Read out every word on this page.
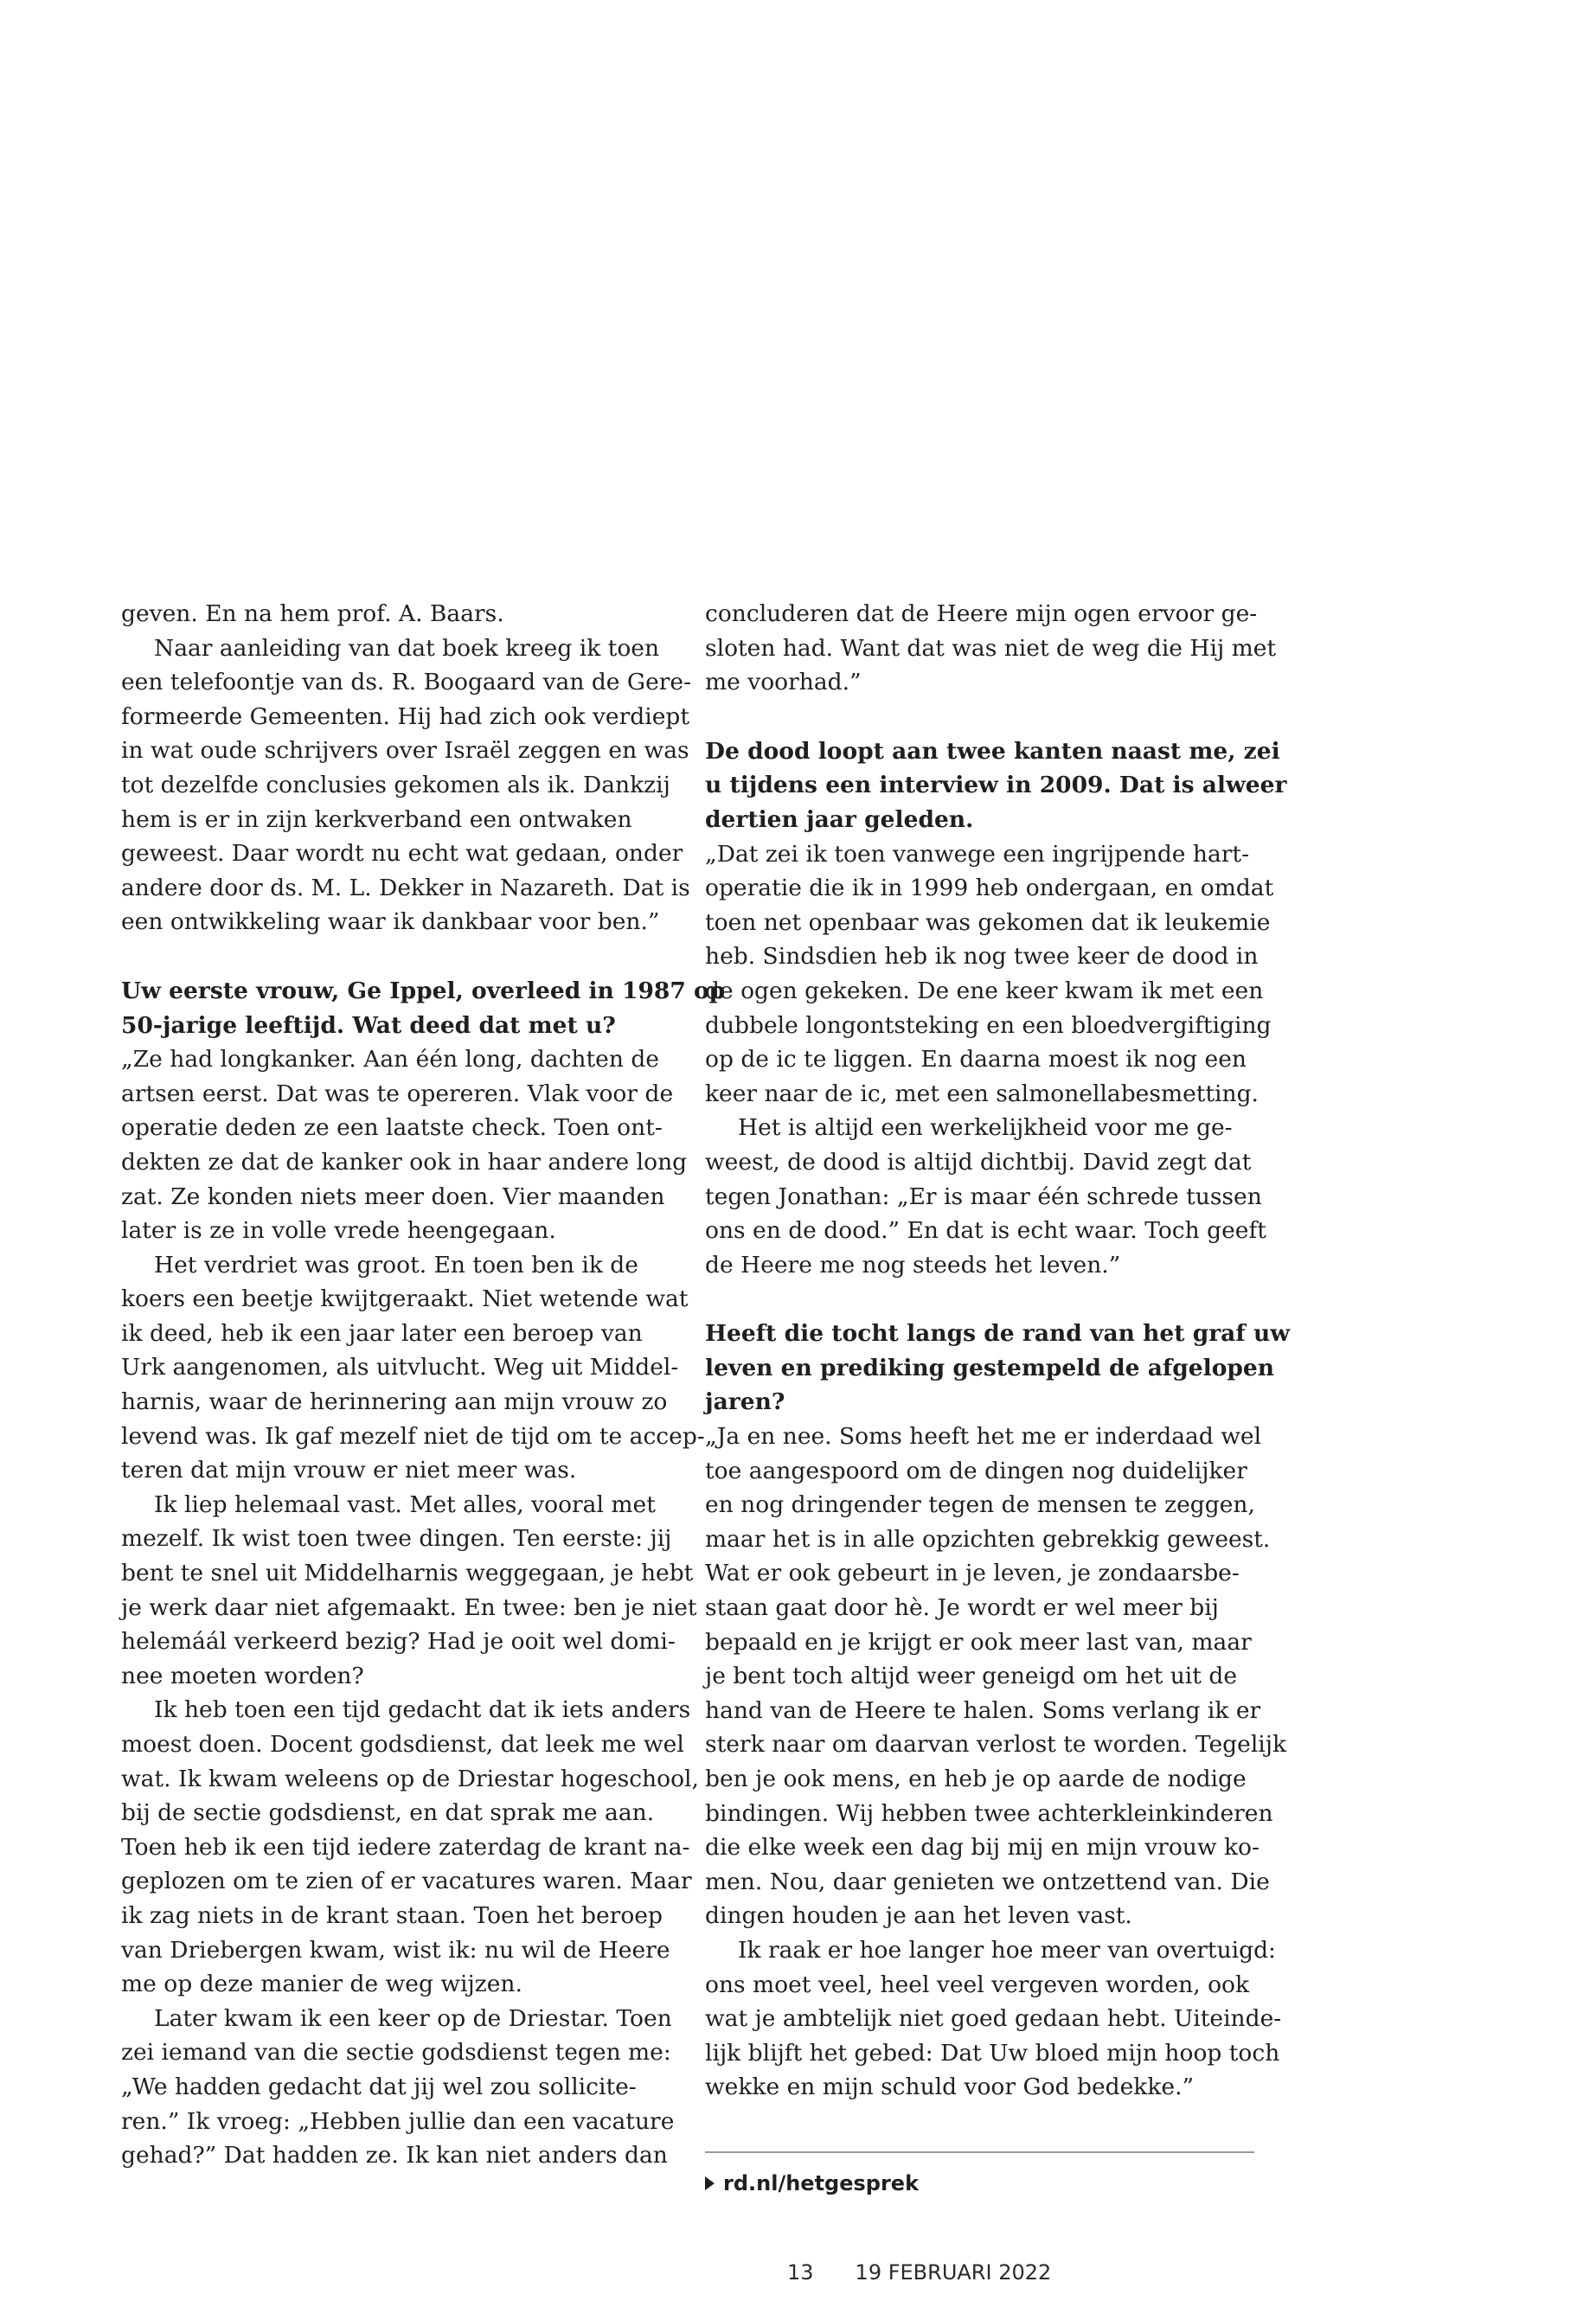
geven. En na hem prof. A. Baars.
Naar aanleiding van dat boek kreeg ik toen
een telefoontje van ds. R. Boogaard van de Gere-
formeerde Gemeenten. Hij had zich ook verdiept
in wat oude schrijvers over Israël zeggen en was
tot dezelfde conclusies gekomen als ik. Dankzij
hem is er in zijn kerkverband een ontwaken
geweest. Daar wordt nu echt wat gedaan, onder
andere door ds. M. L. Dekker in Nazareth. Dat is
een ontwikkeling waar ik dankbaar voor ben.”
Uw eerste vrouw, Ge Ippel, overleed in 1987 op
50-jarige leeftijd. Wat deed dat met u?
„Ze had longkanker. Aan één long, dachten de
artsen eerst. Dat was te opereren. Vlak voor de
operatie deden ze een laatste check. Toen ont-
dekten ze dat de kanker ook in haar andere long
zat. Ze konden niets meer doen. Vier maanden
later is ze in volle vrede heengegaan.
Het verdriet was groot. En toen ben ik de
koers een beetje kwijtgeraakt. Niet wetende wat
ik deed, heb ik een jaar later een beroep van
Urk aangenomen, als uitvlucht. Weg uit Middel-
harnis, waar de herinnering aan mijn vrouw zo
levend was. Ik gaf mezelf niet de tijd om te accep-
teren dat mijn vrouw er niet meer was.
Ik liep helemaal vast. Met alles, vooral met
mezelf. Ik wist toen twee dingen. Ten eerste: jij
bent te snel uit Middelharnis weggegaan, je hebt
je werk daar niet afgemaakt. En twee: ben je niet
helemáál verkeerd bezig? Had je ooit wel domi-
nee moeten worden?
Ik heb toen een tijd gedacht dat ik iets anders
moest doen. Docent godsdienst, dat leek me wel
wat. Ik kwam weleens op de Driestar hogeschool,
bij de sectie godsdienst, en dat sprak me aan.
Toen heb ik een tijd iedere zaterdag de krant na-
geplozen om te zien of er vacatures waren. Maar
ik zag niets in de krant staan. Toen het beroep
van Driebergen kwam, wist ik: nu wil de Heere
me op deze manier de weg wijzen.
Later kwam ik een keer op de Driestar. Toen
zei iemand van die sectie godsdienst tegen me:
„We hadden gedacht dat jij wel zou sollicite-
ren.” Ik vroeg: „Hebben jullie dan een vacature
gehad?” Dat hadden ze. Ik kan niet anders dan
concluderen dat de Heere mijn ogen ervoor ge-
sloten had. Want dat was niet de weg die Hij met
me voorhad.”
De dood loopt aan twee kanten naast me, zei
u tijdens een interview in 2009. Dat is alweer
dertien jaar geleden.
„Dat zei ik toen vanwege een ingrijpende hart-
operatie die ik in 1999 heb ondergaan, en omdat
toen net openbaar was gekomen dat ik leukemie
heb. Sindsdien heb ik nog twee keer de dood in
de ogen gekeken. De ene keer kwam ik met een
dubbele longontsteking en een bloedvergiftiging
op de ic te liggen. En daarna moest ik nog een
keer naar de ic, met een salmonellabesmetting.
Het is altijd een werkelijkheid voor me ge-
weest, de dood is altijd dichtbij. David zegt dat
tegen Jonathan: „Er is maar één schrede tussen
ons en de dood.” En dat is echt waar. Toch geeft
de Heere me nog steeds het leven.”
Heeft die tocht langs de rand van het graf uw
leven en prediking gestempeld de afgelopen
jaren?
„Ja en nee. Soms heeft het me er inderdaad wel
toe aangespoord om de dingen nog duidelijker
en nog dringender tegen de mensen te zeggen,
maar het is in alle opzichten gebrekkig geweest.
Wat er ook gebeurt in je leven, je zondaarsbe-
staan gaat door hè. Je wordt er wel meer bij
bepaald en je krijgt er ook meer last van, maar
je bent toch altijd weer geneigd om het uit de
hand van de Heere te halen. Soms verlang ik er
sterk naar om daarvan verlost te worden. Tegelijk
ben je ook mens, en heb je op aarde de nodige
bindingen. Wij hebben twee achterkleinkinderen
die elke week een dag bij mij en mijn vrouw ko-
men. Nou, daar genieten we ontzettend van. Die
dingen houden je aan het leven vast.
Ik raak er hoe langer hoe meer van overtuigd:
ons moet veel, heel veel vergeven worden, ook
wat je ambtelijk niet goed gedaan hebt. Uiteinde-
lijk blijft het gebed: Dat Uw bloed mijn hoop toch
wekke en mijn schuld voor God bedekke.”
rd.nl/hetgesprek
13 19 FEBRUARI 2022
